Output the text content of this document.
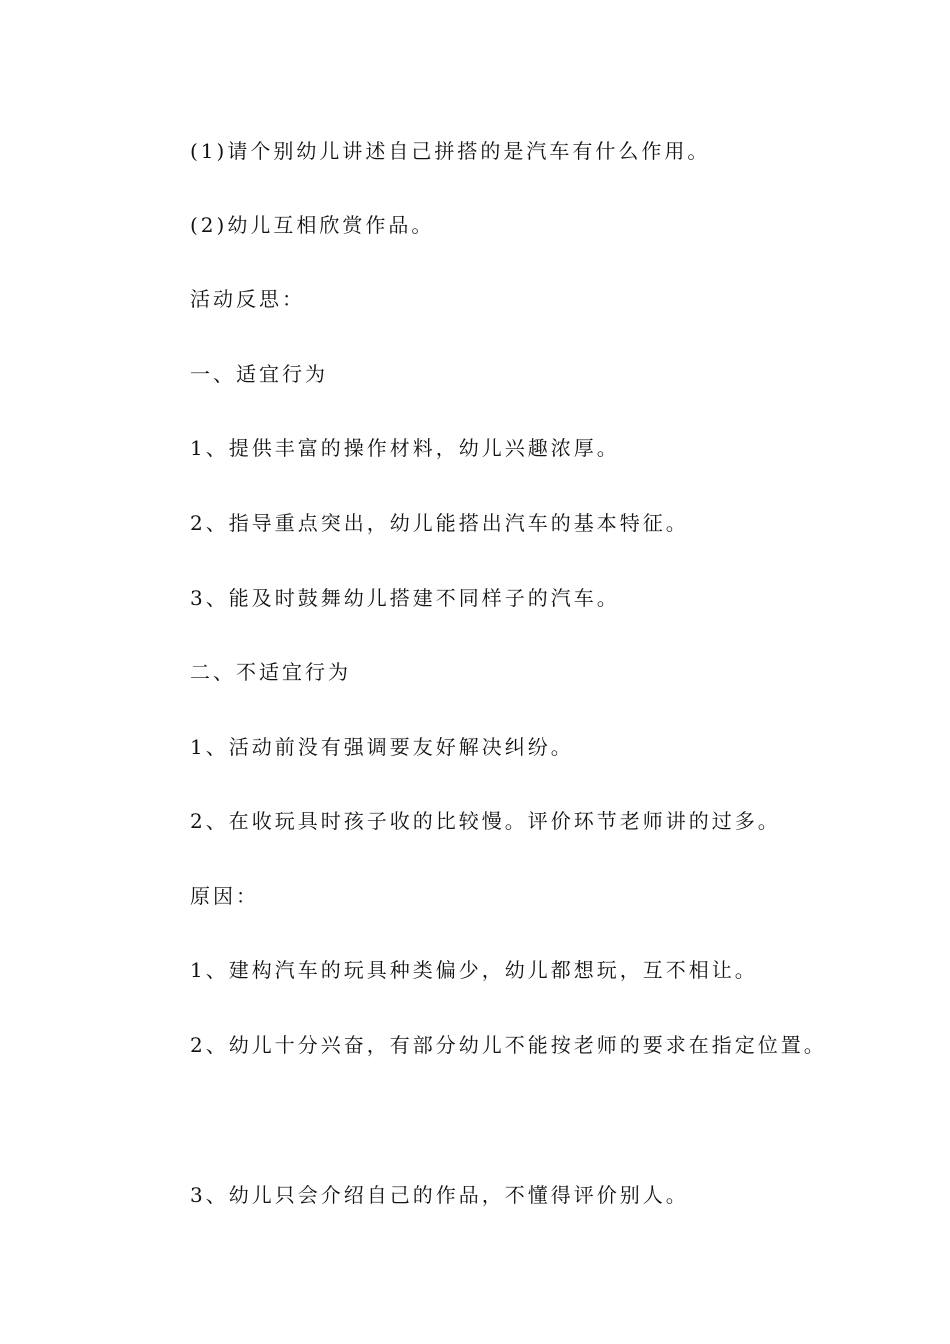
(1)请个别幼儿讲述自己拼搭的是汽车有什么作用。

(2)幼儿互相欣赏作品。

活动反思：

一、适宜行为

1、提供丰富的操作材料，幼儿兴趣浓厚。

2、指导重点突出，幼儿能搭出汽车的基本特征。

3、能及时鼓舞幼儿搭建不同样子的汽车。

二、不适宜行为

1、活动前没有强调要友好解决纠纷。

2、在收玩具时孩子收的比较慢。评价环节老师讲的过多。

原因：

1、建构汽车的玩具种类偏少，幼儿都想玩，互不相让。

2、幼儿十分兴奋，有部分幼儿不能按老师的要求在指定位置。

3、幼儿只会介绍自己的作品，不懂得评价别人。
